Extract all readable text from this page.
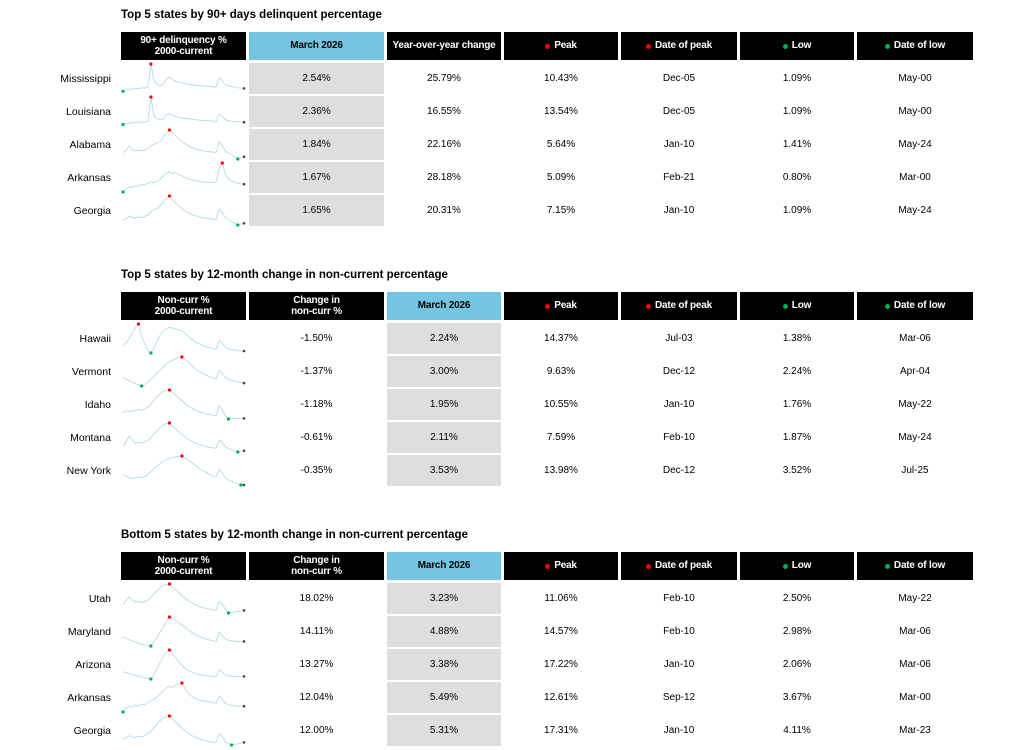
Top 5 states by 90+ days delinquent percentage
90+ delinquency %
2000-current
March 2026	Year-over-year change	Peak	Date of peak	Low	Date of low
Mississippi	2.54%	25.79%	10.43%	Dec-05	1.09%	May-00
Louisiana	2.36%	16.55%	13.54%	Dec-05	1.09%	May-00
Alabama	1.84%	22.16%	5.64%	Jan-10	1.41%	May-24
Arkansas	1.67%	28.18%	5.09%	Feb-21	0.80%	Mar-00
Georgia	1.65%	20.31%	7.15%	Jan-10	1.09%	May-24
Top 5 states by 12-month change in non-current percentage
Non-curr %
2000-current
Change in
non-curr %
March 2026	Peak	Date of peak	Low	Date of low
Hawaii	-1.50%	2.24%	14.37%	Jul-03	1.38%	Mar-06
Vermont	-1.37%	3.00%	9.63%	Dec-12	2.24%	Apr-04
Idaho	-1.18%	1.95%	10.55%	Jan-10	1.76%	May-22
Montana	-0.61%	2.11%	7.59%	Feb-10	1.87%	May-24
New York	-0.35%	3.53%	13.98%	Dec-12	3.52%	Jul-25
Bottom 5 states by 12-month change in non-current percentage
Non-curr %
2000-current
Change in
non-curr %
March 2026	Peak	Date of peak	Low	Date of low
Utah	18.02%	3.23%	11.06%	Feb-10	2.50%	May-22
Maryland	14.11%	4.88%	14.57%	Feb-10	2.98%	Mar-06
Arizona	13.27%	3.38%	17.22%	Jan-10	2.06%	Mar-06
Arkansas	12.04%	5.49%	12.61%	Sep-12	3.67%	Mar-00
Georgia	12.00%	5.31%	17.31%	Jan-10	4.11%	Mar-23
